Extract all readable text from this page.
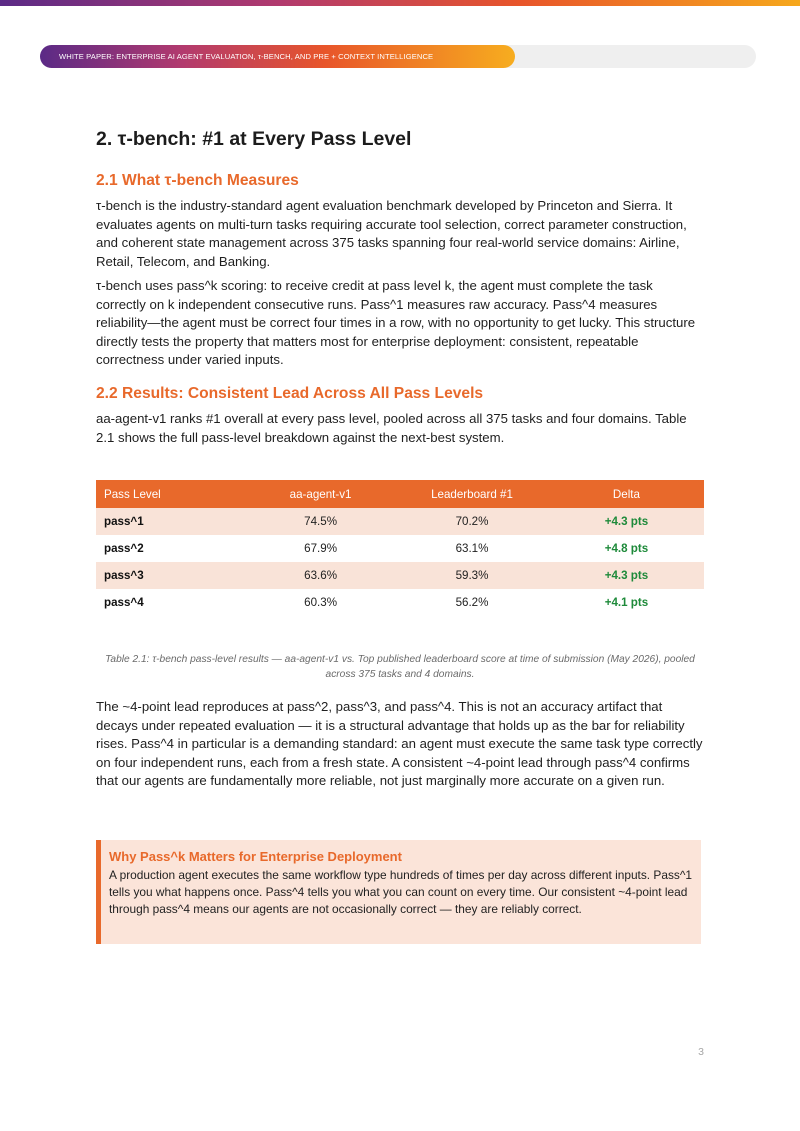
WHITE PAPER: ENTERPRISE AI AGENT EVALUATION, τ-BENCH, AND PRE + CONTEXT INTELLIGENCE
2. τ-bench: #1 at Every Pass Level
2.1 What τ-bench Measures

τ-bench is the industry-standard agent evaluation benchmark developed by Princeton and Sierra. It evaluates agents on multi-turn tasks requiring accurate tool selection, correct parameter construction, and coherent state management across 375 tasks spanning four real-world service domains: Airline, Retail, Telecom, and Banking.

τ-bench uses pass^k scoring: to receive credit at pass level k, the agent must complete the task correctly on k independent consecutive runs. Pass^1 measures raw accuracy. Pass^4 measures reliability—the agent must be correct four times in a row, with no opportunity to get lucky. This structure directly tests the property that matters most for enterprise deployment: consistent, repeatable correctness under varied inputs.

2.2 Results: Consistent Lead Across All Pass Levels

aa-agent-v1 ranks #1 overall at every pass level, pooled across all 375 tasks and four domains. Table 2.1 shows the full pass-level breakdown against the next-best system.

Pass Level	aa-agent-v1	Leaderboard #1	Delta
pass^1	74.5%	70.2%	+4.3 pts
pass^2	67.9%	63.1%	+4.8 pts
pass^3	63.6%	59.3%	+4.3 pts
pass^4	60.3%	56.2%	+4.1 pts

Table 2.1: τ-bench pass-level results — aa-agent-v1 vs. Top published leaderboard score at time of submission (May 2026), pooled across 375 tasks and 4 domains.

The ~4-point lead reproduces at pass^2, pass^3, and pass^4. This is not an accuracy artifact that decays under repeated evaluation — it is a structural advantage that holds up as the bar for reliability rises. Pass^4 in particular is a demanding standard: an agent must execute the same task type correctly on four independent runs, each from a fresh state. A consistent ~4-point lead through pass^4 confirms that our agents are fundamentally more reliable, not just marginally more accurate on a given run.

Why Pass^k Matters for Enterprise Deployment

A production agent executes the same workflow type hundreds of times per day across different inputs. Pass^1 tells you what happens once. Pass^4 tells you what you can count on every time. Our consistent ~4-point lead through pass^4 means our agents are not occasionally correct — they are reliably correct.

3
